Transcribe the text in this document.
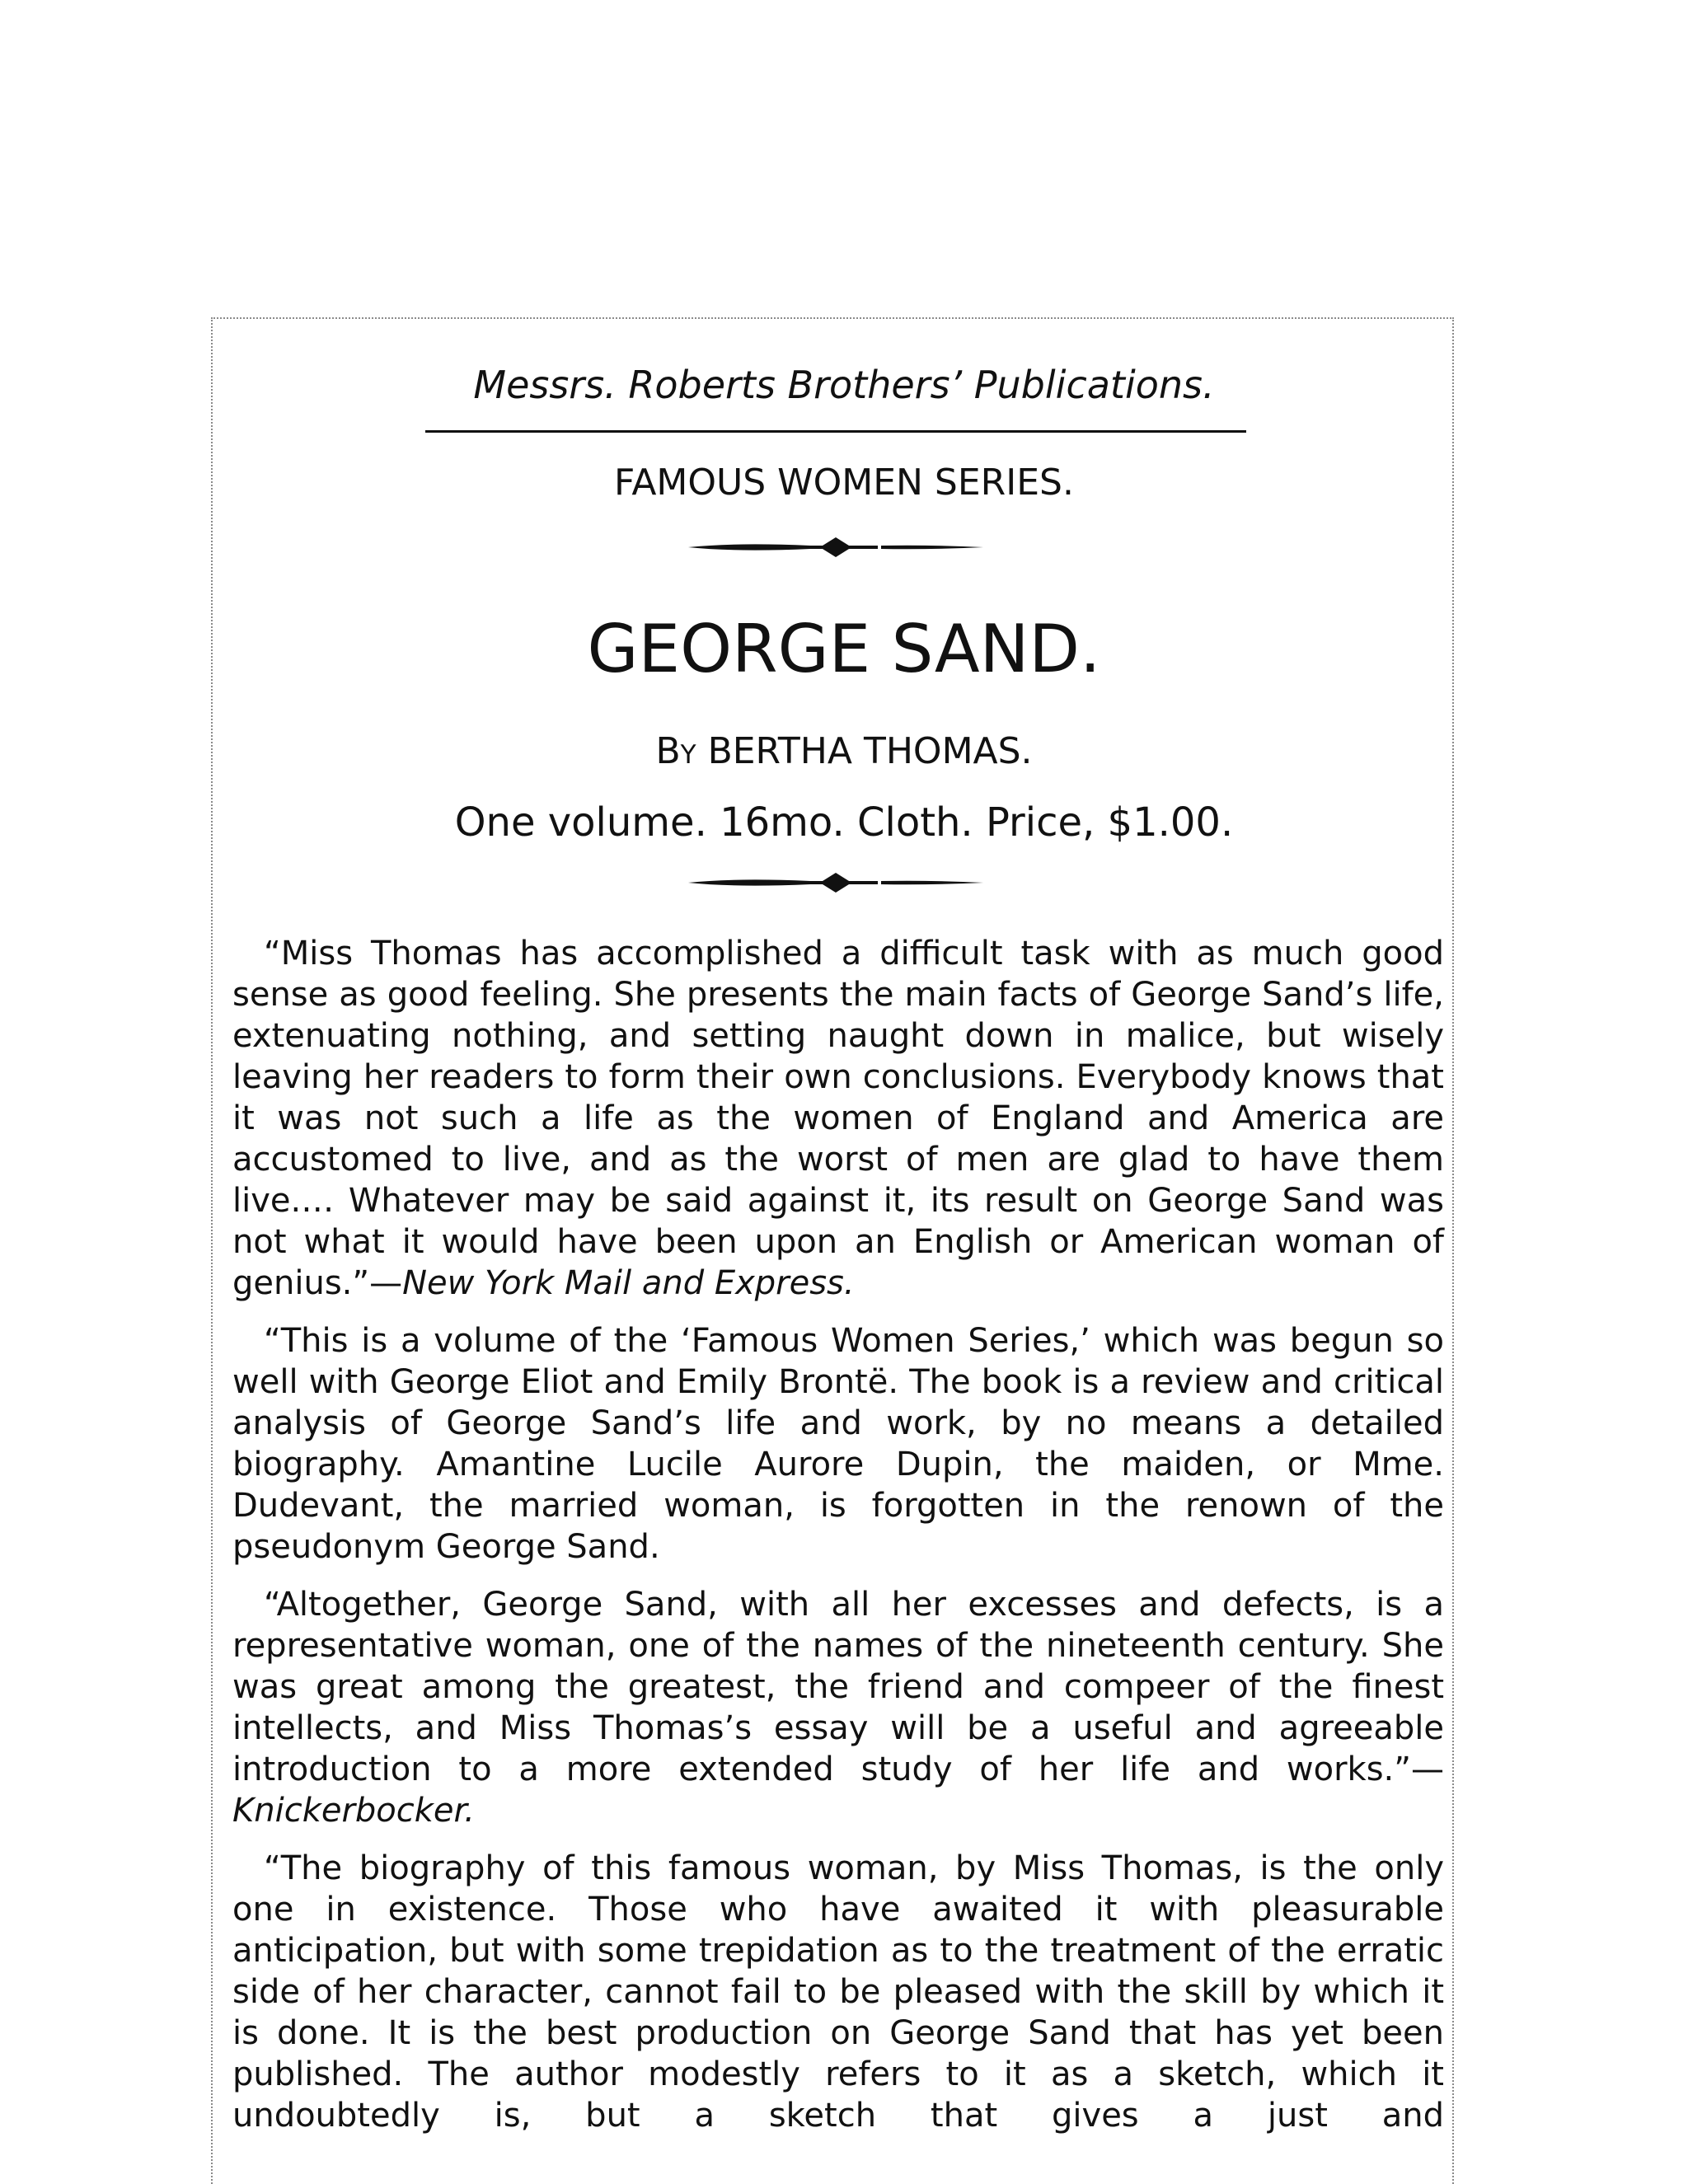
Messrs. Roberts Brothers’ Publications.
FAMOUS WOMEN SERIES.
GEORGE SAND.
By BERTHA THOMAS.
One volume. 16mo. Cloth. Price, $1.00.

“Miss Thomas has accomplished a difficult task with as much good sense as good feeling. She presents the main facts of George Sand’s life, extenuating nothing, and setting naught down in malice, but wisely leaving her readers to form their own conclusions. Everybody knows that it was not such a life as the women of England and America are accustomed to live, and as the worst of men are glad to have them live.… Whatever may be said against it, its result on George Sand was not what it would have been upon an English or American woman of genius.”—New York Mail and Express.

“This is a volume of the ‘Famous Women Series,’ which was begun so well with George Eliot and Emily Brontë. The book is a review and critical analysis of George Sand’s life and work, by no means a detailed biography. Amantine Lucile Aurore Dupin, the maiden, or Mme. Dudevant, the married woman, is forgotten in the renown of the pseudonym George Sand.

“Altogether, George Sand, with all her excesses and defects, is a representative woman, one of the names of the nineteenth century. She was great among the greatest, the friend and compeer of the finest intellects, and Miss Thomas’s essay will be a useful and agreeable introduction to a more extended study of her life and works.”—Knickerbocker.

“The biography of this famous woman, by Miss Thomas, is the only one in existence. Those who have awaited it with pleasurable anticipation, but with some trepidation as to the treatment of the erratic side of her character, cannot fail to be pleased with the skill by which it is done. It is the best production on George Sand that has yet been published. The author modestly refers to it as a sketch, which it undoubtedly is, but a sketch that gives a just and
